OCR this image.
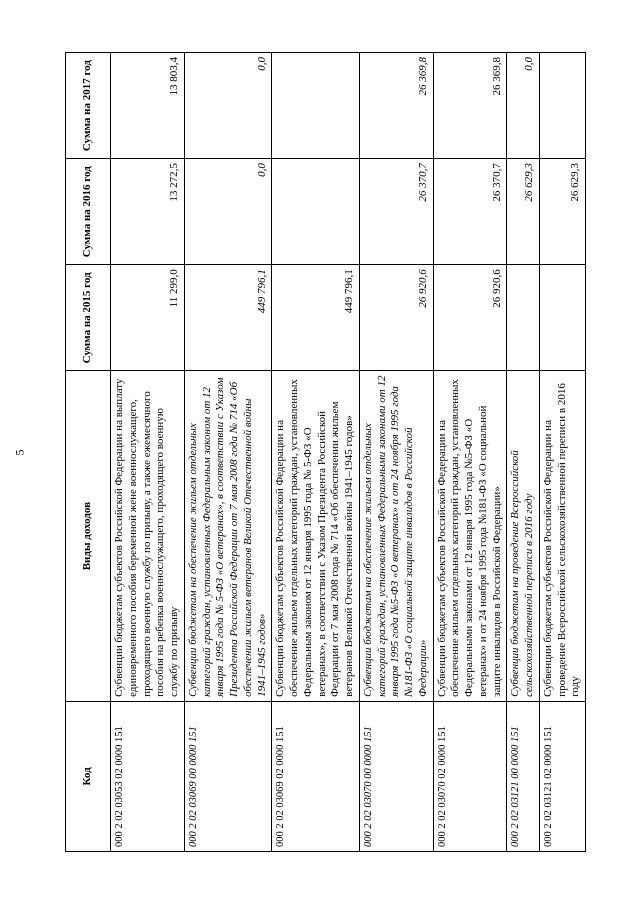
5
Код	Виды доходов	Сумма на 2015 год	Сумма на 2016 год	Сумма на 2017 год
000 2 02 03053 02 0000 151	Субвенции бюджетам субъектов Российской Федерации на выплату единовременного пособия беременной жене военнослужащего, проходящего военную службу по призыву, а также ежемесячного пособия на ребенка военнослужащего, проходящего военную службу по призыву	11 299,0	13 272,5	13 803,4
000 2 02 03069 00 0000 151	Субвенции бюджетам на обеспечение жильем отдельных категорий граждан, установленных Федеральным законом от 12 января 1995 года № 5-ФЗ «О ветеранах», в соответствии с Указом Президента Российской Федерации от 7 мая 2008 года № 714 «Об обеспечении жильем ветеранов Великой Отечественной войны 1941–1945 годов»	449 796,1	0,0	0,0
000 2 02 03069 02 0000 151	Субвенции бюджетам субъектов Российской Федерации на обеспечение жильем отдельных категорий граждан, установленных Федеральным законом от 12 января 1995 года № 5-ФЗ «О ветеранах», в соответствии с Указом Президента Российской Федерации от 7 мая 2008 года № 714 «Об обеспечении жильем ветеранов Великой Отечественной войны 1941–1945 годов»	449 796,1		
000 2 02 03070 00 0000 151	Субвенции бюджетам на обеспечение жильем отдельных категорий граждан, установленных Федеральными законами от 12 января 1995 года №5-ФЗ «О ветеранах» и от 24 ноября 1995 года №181-ФЗ «О социальной защите инвалидов в Российской Федерации»	26 920,6	26 370,7	26 369,8
000 2 02 03070 02 0000 151	Субвенции бюджетам субъектов Российской Федерации на обеспечение жильем отдельных категорий граждан, установленных Федеральными законами от 12 января 1995 года №5-ФЗ «О ветеранах» и от 24 ноября 1995 года №181-ФЗ «О социальной защите инвалидов в Российской Федерации»	26 920,6	26 370,7	26 369,8
000 2 02 03121 00 0000 151	Субвенции бюджетам на проведение Всероссийской сельскохозяйственной переписи в 2016 году		26 629,3	0,0
000 2 02 03121 02 0000 151	Субвенции бюджетам субъектов Российской Федерации на проведение Всероссийской сельскохозяйственной переписи в 2016 году		26 629,3	
